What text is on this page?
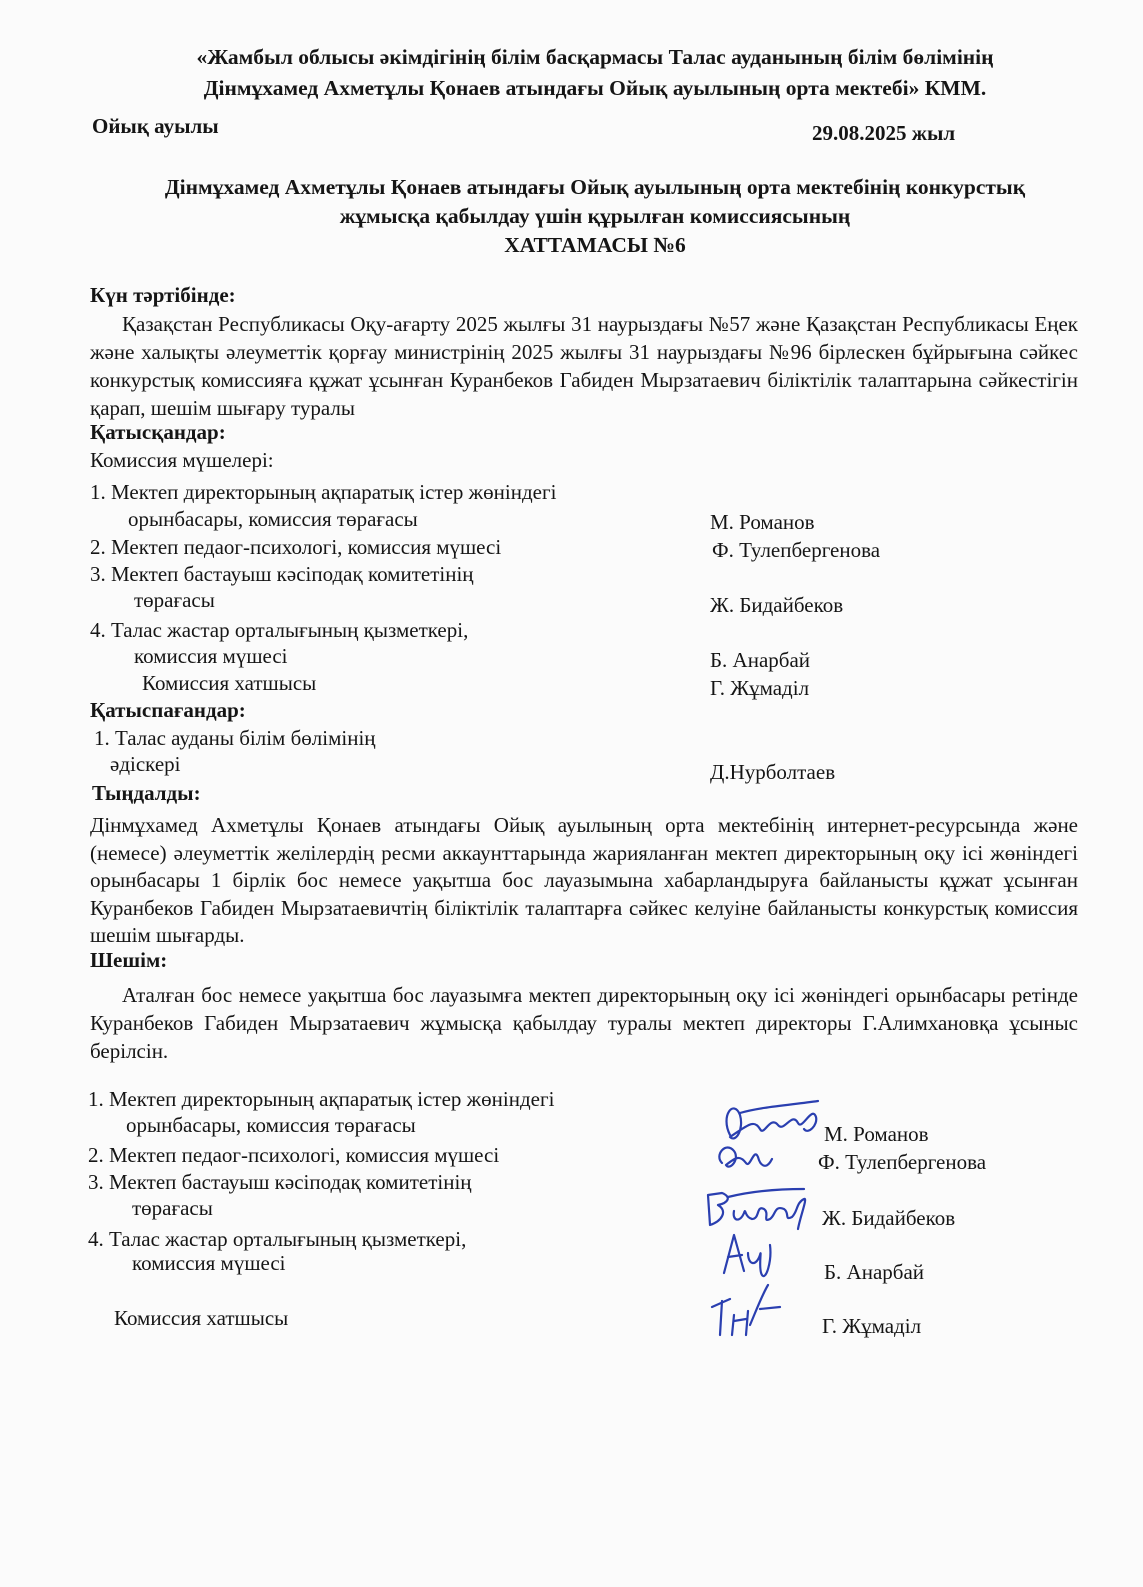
«Жамбыл облысы әкімдігінің білім басқармасы Талас ауданының білім бөлімінің
Дінмұхамед Ахметұлы Қонаев атындағы Ойық ауылының орта мектебі» КММ.
Ойық ауылы	29.08.2025 жыл
Дінмұхамед Ахметұлы Қонаев атындағы Ойық ауылының орта мектебінің конкурстық
жұмысқа қабылдау үшін құрылған комиссиясының
ХАТТАМАСЫ №6
Күн тәртібінде:
Қазақстан Республикасы Оқу-ағарту 2025 жылғы 31 наурыздағы №57 және Қазақстан Республикасы Еңек және халықты әлеуметтік қорғау министрінің 2025 жылғы 31 наурыздағы №96 бірлескен бұйрығына сәйкес конкурстық комиссияға құжат ұсынған Куранбеков Габиден Мырзатаевич біліктілік талаптарына сәйкестігін қарап, шешім шығару туралы
Қатысқандар:
Комиссия мүшелері:
1. Мектеп директорының ақпаратық істер жөніндегі
орынбасары, комиссия төрағасы	М. Романов
2. Мектеп педаог-психологі, комиссия мүшесі	Ф. Тулепбергенова
3. Мектеп бастауыш кәсіподақ комитетінің
төрағасы	Ж. Бидайбеков
4. Талас жастар орталығының қызметкері,
комиссия мүшесі	Б. Анарбай
Комиссия хатшысы	Г. Жұмаділ
Қатыспағандар:
1. Талас ауданы білім бөлімінің
әдіскері	Д.Нурболтаев
Тыңдалды:
Дінмұхамед Ахметұлы Қонаев атындағы Ойық ауылының орта мектебінің интернет-ресурсында және (немесе) әлеуметтік желілердің ресми аккаунттарында жарияланған мектеп директорының оқу ісі жөніндегі орынбасары 1 бірлік бос немесе уақытша бос лауазымына хабарландыруға байланысты құжат ұсынған Куранбеков Габиден Мырзатаевичтің біліктілік талаптарға сәйкес келуіне байланысты конкурстық комиссия шешім шығарды.
Шешім:
Аталған бос немесе уақытша бос лауазымға мектеп директорының оқу ісі жөніндегі орынбасары ретінде Куранбеков Габиден Мырзатаевич жұмысқа қабылдау туралы мектеп директоры Г.Алимхановқа ұсыныс берілсін.
1. Мектеп директорының ақпаратық істер жөніндегі
орынбасары, комиссия төрағасы	М. Романов
2. Мектеп педаог-психологі, комиссия мүшесі	Ф. Тулепбергенова
3. Мектеп бастауыш кәсіподақ комитетінің
төрағасы	Ж. Бидайбеков
4. Талас жастар орталығының қызметкері,
комиссия мүшесі	Б. Анарбай
Комиссия хатшысы	Г. Жұмаділ
